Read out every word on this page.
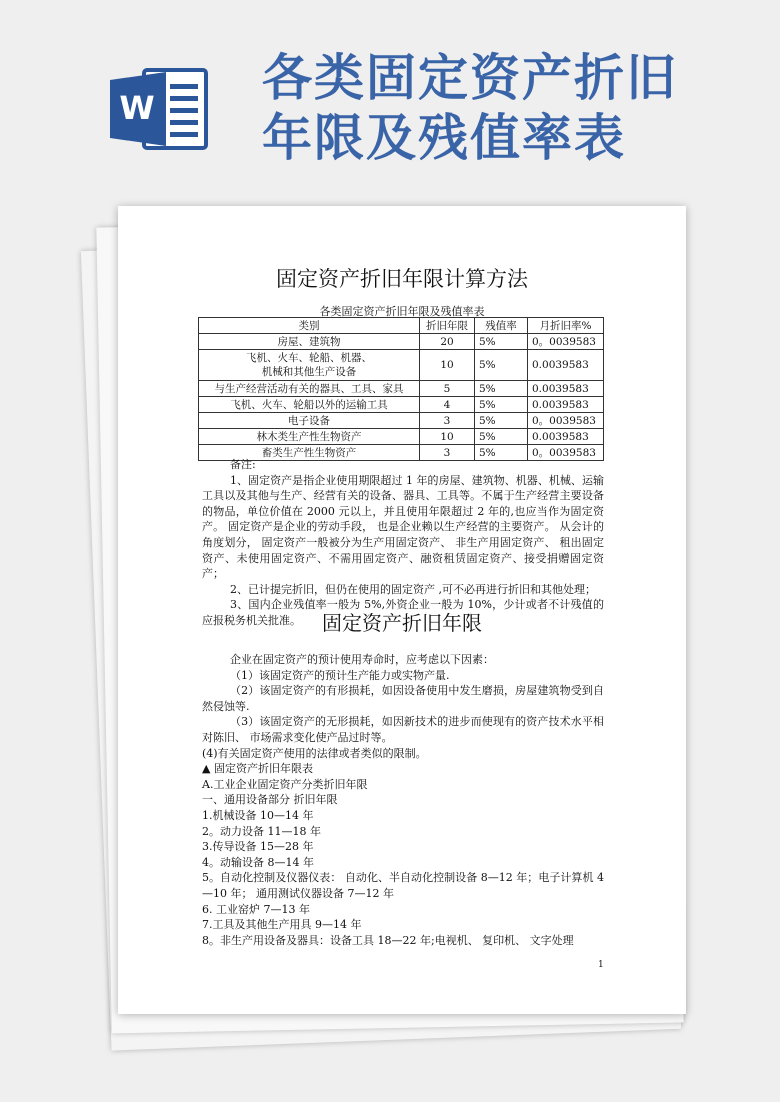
W
各类固定资产折旧
年限及残值率表
固定资产折旧年限计算方法
各类固定资产折旧年限及残值率表
类别	折旧年限	残值率	月折旧率%
房屋、建筑物	20	5%	0。0039583

飞机、火车、轮船、机器、
机械和其他生产设备	10	5%	0.0039583
与生产经营活动有关的器具、工具、家具	5	5%	0.0039583
飞机、火车、轮船以外的运输工具	4	5%	0.0039583
电子设备	3	5%	0。0039583
林木类生产性生物资产	10	5%	0.0039583
畜类生产性生物资产	3	5%	0。0039583

备注:

1、固定资产是指企业使用期限超过 1 年的房屋、建筑物、机器、机械、运输工具以及其他与生产、经营有关的设备、器具、工具等。不属于生产经营主要设备的物品，单位价值在 2000 元以上，并且使用年限超过 2 年的,也应当作为固定资产。 固定资产是企业的劳动手段， 也是企业赖以生产经营的主要资产。 从会计的角度划分， 固定资产一般被分为生产用固定资产、 非生产用固定资产、 租出固定资产、未使用固定资产、不需用固定资产、融资租赁固定资产、接受捐赠固定资产；

2、已计提完折旧，但仍在使用的固定资产 ,可不必再进行折旧和其他处理；

3、国内企业残值率一般为 5%,外资企业一般为 10%，少计或者不计残值的应报税务机关批准。	固定资产折旧年限

企业在固定资产的预计使用寿命时，应考虑以下因素：

（1）该固定资产的预计生产能力或实物产量.

（2）该固定资产的有形损耗，如因设备使用中发生磨损，房屋建筑物受到自然侵蚀等.

（3）该固定资产的无形损耗，如因新技术的进步而使现有的资产技术水平相对陈旧、 市场需求变化使产品过时等。

(4)有关固定资产使用的法律或者类似的限制。

▲ 固定资产折旧年限表

A.工业企业固定资产分类折旧年限

一、通用设备部分 折旧年限

1.机械设备 10—14 年

2。动力设备 11—18 年

3.传导设备 15—28 年

4。动输设备 8—14 年

5。自动化控制及仪器仪表： 自动化、半自动化控制设备 8—12 年；电子计算机 4—10 年； 通用测试仪器设备 7—12 年

6. 工业窑炉 7—13 年

7.工具及其他生产用具 9—14 年

8。非生产用设备及器具：设备工具 18—22 年;电视机、 复印机、 文字处理

1
